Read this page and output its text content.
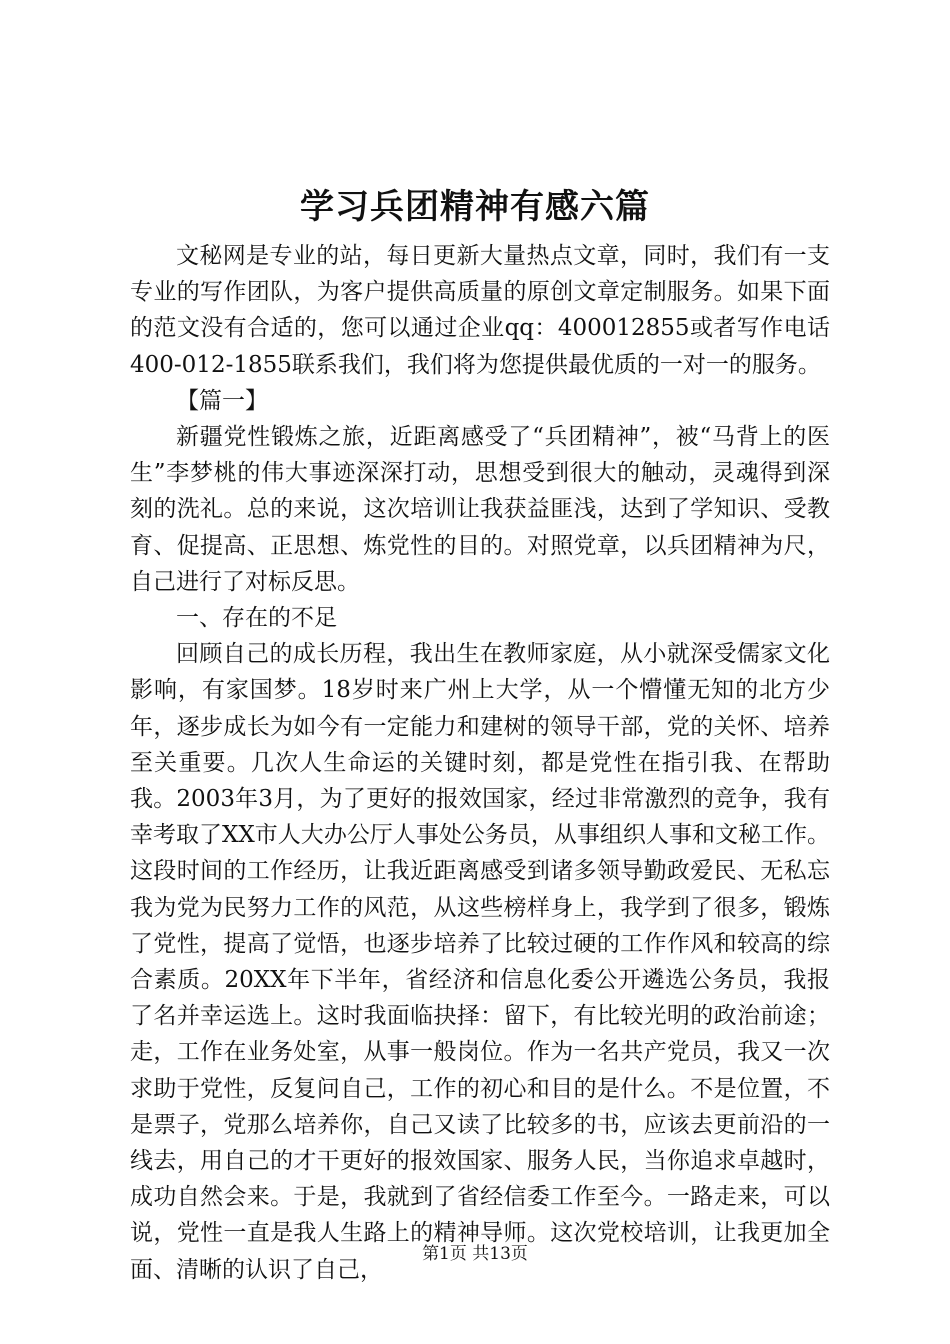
学习兵团精神有感六篇

文秘网是专业的站，每日更新大量热点文章，同时，我们有一支专业的写作团队，为客户提供高质量的原创文章定制服务。如果下面的范文没有合适的，您可以通过企业qq：400012855或者写作电话400-012-1855联系我们，我们将为您提供最优质的一对一的服务。

【篇一】

新疆党性锻炼之旅，近距离感受了“兵团精神”，被“马背上的医生”李梦桃的伟大事迹深深打动，思想受到很大的触动，灵魂得到深刻的洗礼。总的来说，这次培训让我获益匪浅，达到了学知识、受教育、促提高、正思想、炼党性的目的。对照党章，以兵团精神为尺，自己进行了对标反思。

一、存在的不足

回顾自己的成长历程，我出生在教师家庭，从小就深受儒家文化影响，有家国梦。18岁时来广州上大学，从一个懵懂无知的北方少年，逐步成长为如今有一定能力和建树的领导干部，党的关怀、培养至关重要。几次人生命运的关键时刻，都是党性在指引我、在帮助我。2003年3月，为了更好的报效国家，经过非常激烈的竞争，我有幸考取了XX市人大办公厅人事处公务员，从事组织人事和文秘工作。这段时间的工作经历，让我近距离感受到诸多领导勤政爱民、无私忘我为党为民努力工作的风范，从这些榜样身上，我学到了很多，锻炼了党性，提高了觉悟，也逐步培养了比较过硬的工作作风和较高的综合素质。20XX年下半年，省经济和信息化委公开遴选公务员，我报了名并幸运选上。这时我面临抉择：留下，有比较光明的政治前途；走，工作在业务处室，从事一般岗位。作为一名共产党员，我又一次求助于党性，反复问自己，工作的初心和目的是什么。不是位置，不是票子，党那么培养你，自己又读了比较多的书，应该去更前沿的一线去，用自己的才干更好的报效国家、服务人民，当你追求卓越时，成功自然会来。于是，我就到了省经信委工作至今。一路走来，可以说，党性一直是我人生路上的精神导师。这次党校培训，让我更加全面、清晰的认识了自己，

第1页 共13页
